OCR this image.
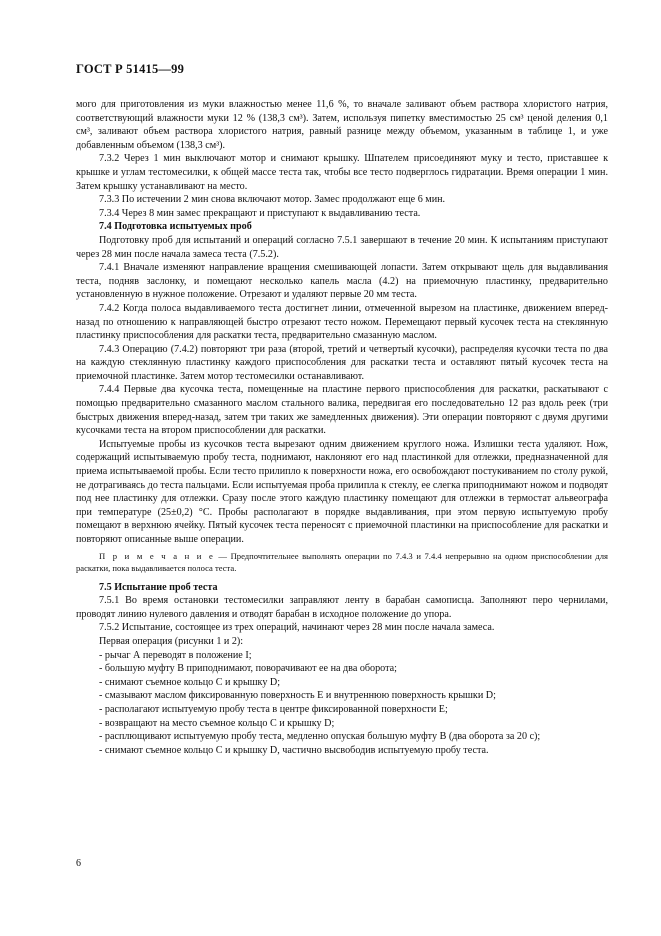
ГОСТ Р 51415—99

мого для приготовления из муки влажностью менее 11,6 %, то вначале заливают объем раствора хлористого натрия, соответствующий влажности муки 12 % (138,3 см³). Затем, используя пипетку вместимостью 25 см³ ценой деления 0,1 см³, заливают объем раствора хлористого натрия, равный разнице между объемом, указанным в таблице 1, и уже добавленным объемом (138,3 см³).

7.3.2 Через 1 мин выключают мотор и снимают крышку. Шпателем присоединяют муку и тесто, приставшее к крышке и углам тестомесилки, к общей массе теста так, чтобы все тесто подверглось гидратации. Время операции 1 мин. Затем крышку устанавливают на место.

7.3.3 По истечении 2 мин снова включают мотор. Замес продолжают еще 6 мин.

7.3.4 Через 8 мин замес прекращают и приступают к выдавливанию теста.

7.4 Подготовка испытуемых проб

Подготовку проб для испытаний и операций согласно 7.5.1 завершают в течение 20 мин. К испытаниям приступают через 28 мин после начала замеса теста (7.5.2).

7.4.1 Вначале изменяют направление вращения смешивающей лопасти. Затем открывают щель для выдавливания теста, подняв заслонку, и помещают несколько капель масла (4.2) на приемочную пластинку, предварительно установленную в нужное положение. Отрезают и удаляют первые 20 мм теста.

7.4.2 Когда полоса выдавливаемого теста достигнет линии, отмеченной вырезом на пластинке, движением вперед-назад по отношению к направляющей быстро отрезают тесто ножом. Перемещают первый кусочек теста на стеклянную пластинку приспособления для раскатки теста, предварительно смазанную маслом.

7.4.3 Операцию (7.4.2) повторяют три раза (второй, третий и четвертый кусочки), распределяя кусочки теста по два на каждую стеклянную пластинку каждого приспособления для раскатки теста и оставляют пятый кусочек теста на приемочной пластинке. Затем мотор тестомесилки останавливают.

7.4.4 Первые два кусочка теста, помещенные на пластине первого приспособления для раскатки, раскатывают с помощью предварительно смазанного маслом стального валика, передвигая его последовательно 12 раз вдоль реек (три быстрых движения вперед-назад, затем три таких же замедленных движения). Эти операции повторяют с двумя другими кусочками теста на втором приспособлении для раскатки.

Испытуемые пробы из кусочков теста вырезают одним движением круглого ножа. Излишки теста удаляют. Нож, содержащий испытываемую пробу теста, поднимают, наклоняют его над пластинкой для отлежки, предназначенной для приема испытываемой пробы. Если тесто прилипло к поверхности ножа, его освобождают постукиванием по столу рукой, не дотрагиваясь до теста пальцами. Если испытуемая проба прилипла к стеклу, ее слегка приподнимают ножом и подводят под нее пластинку для отлежки. Сразу после этого каждую пластинку помещают для отлежки в термостат альвеографа при температуре (25±0,2) °С. Пробы располагают в порядке выдавливания, при этом первую испытуемую пробу помещают в верхнюю ячейку. Пятый кусочек теста переносят с приемочной пластинки на приспособление для раскатки и повторяют описанные выше операции.

П р и м е ч а н и е — Предпочтительнее выполнять операции по 7.4.3 и 7.4.4 непрерывно на одном приспособлении для раскатки, пока выдавливается полоса теста.

7.5 Испытание проб теста

7.5.1 Во время остановки тестомесилки заправляют ленту в барабан самописца. Заполняют перо чернилами, проводят линию нулевого давления и отводят барабан в исходное положение до упора.

7.5.2 Испытание, состоящее из трех операций, начинают через 28 мин после начала замеса.

Первая операция (рисунки 1 и 2):

- рычаг А переводят в положение I;

- большую муфту В приподнимают, поворачивают ее на два оборота;

- снимают съемное кольцо С и крышку D;

- смазывают маслом фиксированную поверхность Е и внутреннюю поверхность крышки D;

- располагают испытуемую пробу теста в центре фиксированной поверхности Е;

- возвращают на место съемное кольцо С и крышку D;

- расплющивают испытуемую пробу теста, медленно опуская большую муфту В (два оборота за 20 с);

- снимают съемное кольцо С и крышку D, частично высвободив испытуемую пробу теста.

6
